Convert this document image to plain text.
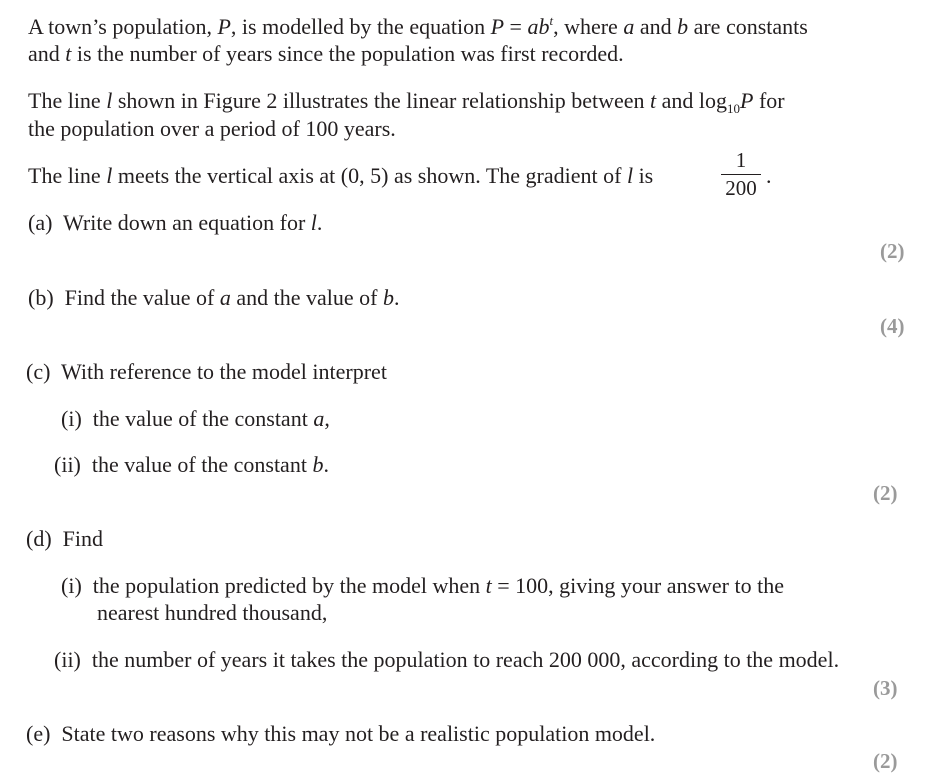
A town’s population, P, is modelled by the equation $P = ab^t$, where a and b are constants
and t is the number of years since the population was first recorded.
The line l shown in Figure 2 illustrates the linear relationship between t and $\log_{10}P$ for
the population over a period of 100 years.
The line l meets the vertical axis at (0, 5) as shown. The gradient of l is
1
200 .
(a) Write down an equation for l.
(2)
(b) Find the value of a and the value of b.
(4)
(c) With reference to the model interpret
(i) the value of the constant a,
(ii) the value of the constant b.
(2)
(d) Find
(i) the population predicted by the model when t = 100, giving your answer to the
nearest hundred thousand,
(ii) the number of years it takes the population to reach 200 000, according to the model.
(3)
(e) State two reasons why this may not be a realistic population model.
(2)
